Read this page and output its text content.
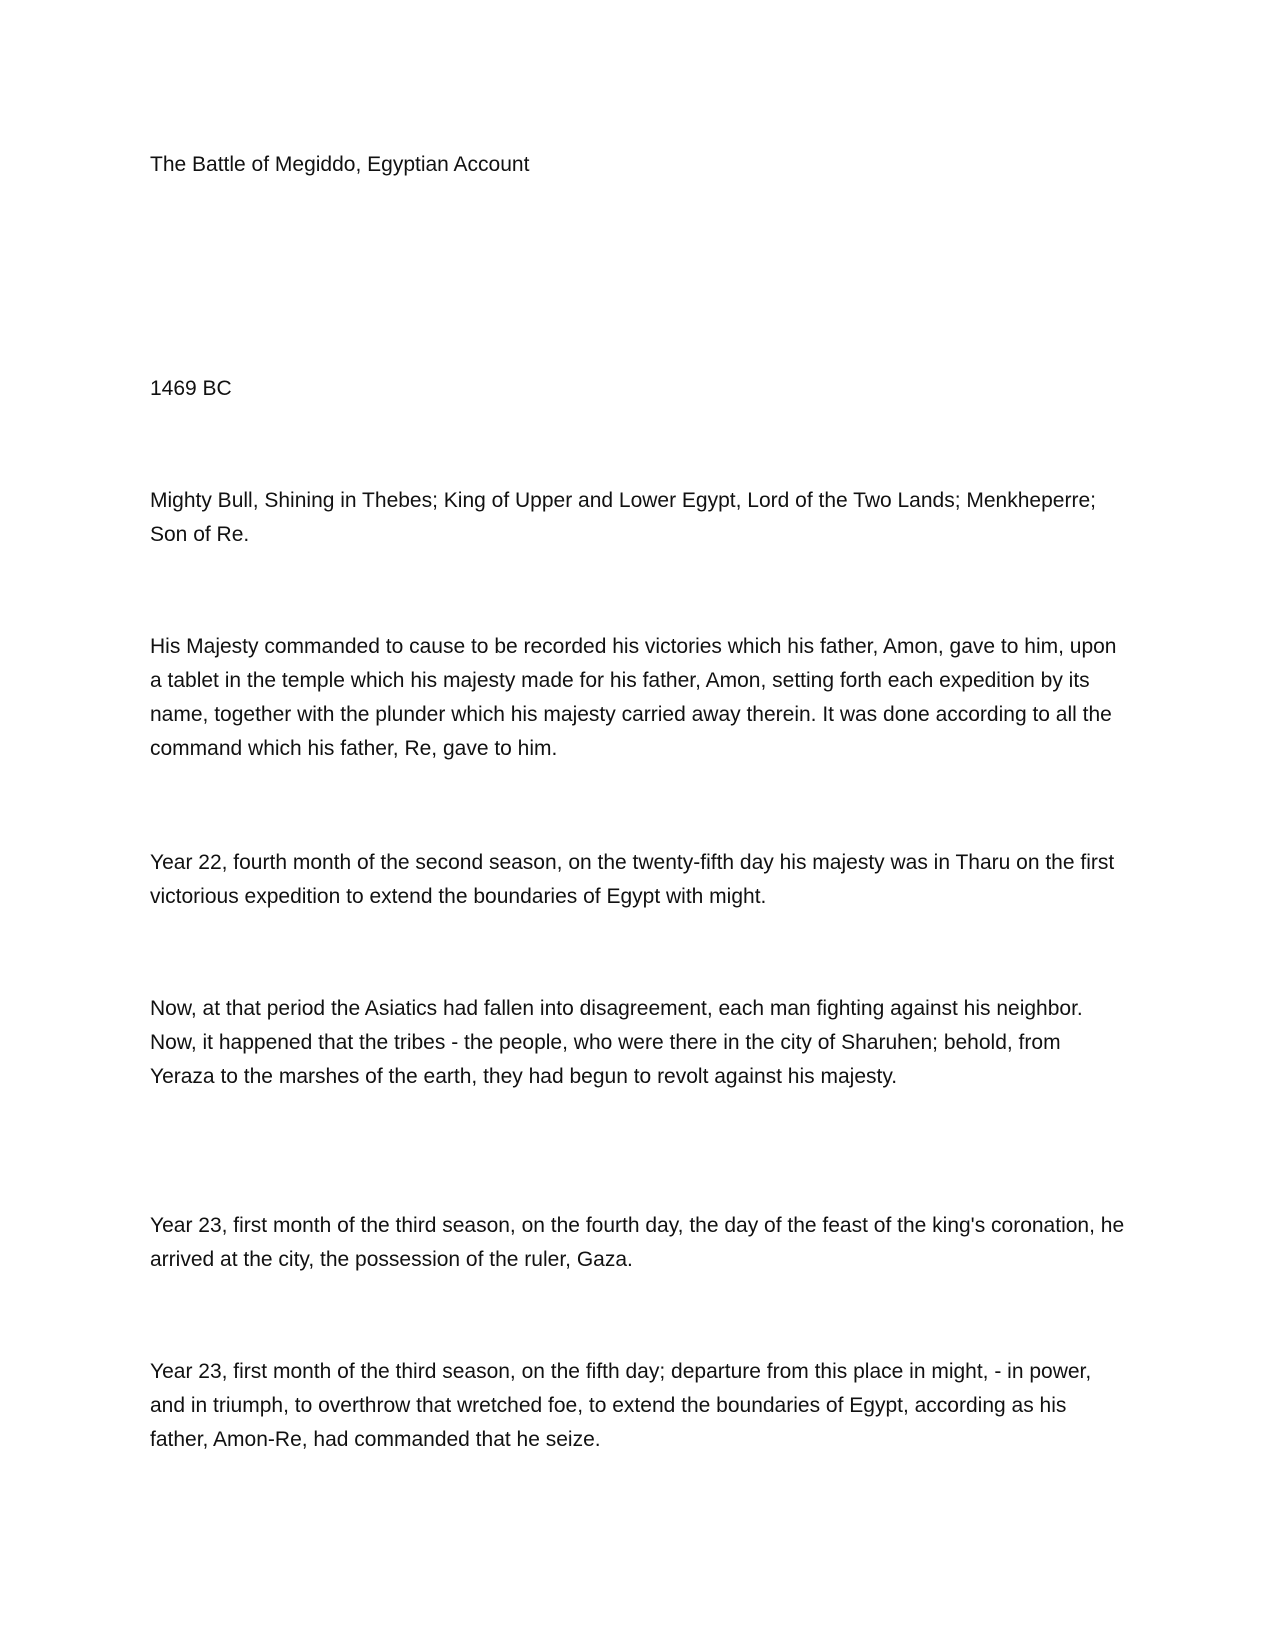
The Battle of Megiddo, Egyptian Account

1469 BC

Mighty Bull, Shining in Thebes; King of Upper and Lower Egypt, Lord of the Two Lands; Menkheperre; Son of Re.

His Majesty commanded to cause to be recorded his victories which his father, Amon, gave to him, upon a tablet in the temple which his majesty made for his father, Amon, setting forth each expedition by its name, together with the plunder which his majesty carried away therein. It was done according to all the command which his father, Re, gave to him.

Year 22, fourth month of the second season, on the twenty-fifth day his majesty was in Tharu on the first victorious expedition to extend the boundaries of Egypt with might.

Now, at that period the Asiatics had fallen into disagreement, each man fighting against his neighbor. Now, it happened that the tribes - the people, who were there in the city of Sharuhen; behold, from Yeraza to the marshes of the earth, they had begun to revolt against his majesty.

Year 23, first month of the third season, on the fourth day, the day of the feast of the king's coronation, he arrived at the city, the possession of the ruler, Gaza.

Year 23, first month of the third season, on the fifth day; departure from this place in might, - in power, and in triumph, to overthrow that wretched foe, to extend the boundaries of Egypt, according as his father, Amon-Re, had commanded that he seize.
